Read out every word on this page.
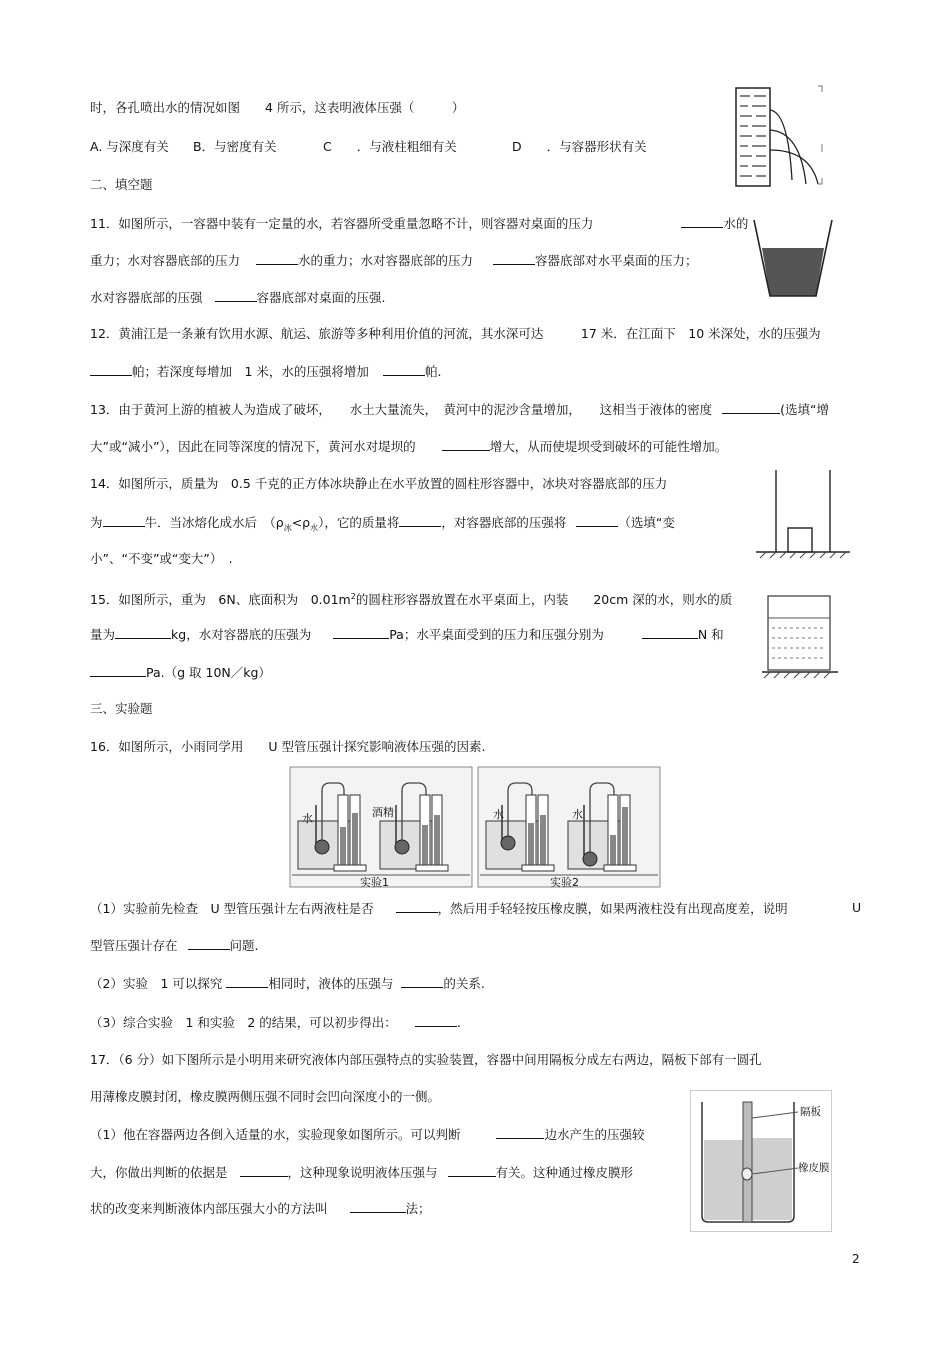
时，各孔喷出水的情况如图　　4 所示，这表明液体压强（　　　）
A. 与深度有关 B．与密度有关	C　　．与液柱粗细有关	D　　．与容器形状有关
二、填空题
11．如图所示，一容器中装有一定量的水，若容器所受重量忽略不计，则容器对桌面的压力	水的
重力；水对容器底部的压力	水的重力；水对容器底部的压力	容器底部对水平桌面的压力；
水对容器底部的压强	容器底部对桌面的压强.
12．黄浦江是一条兼有饮用水源、航运、旅游等多种利用价值的河流，其水深可达　　　17 米．在江面下　10 米深处，水的压强为
帕；若深度每增加　1 米，水的压强将增加	帕.
13．由于黄河上游的植被人为造成了破坏，　　水土大量流失，　黄河中的泥沙含量增加，　　这相当于液体的密度	(选填“增
大”或“减小”），因此在同等深度的情况下，黄河水对堤坝的	增大，从而使堤坝受到破坏的可能性增加。
14．如图所示，质量为　0.5 千克的正方体冰块静止在水平放置的圆柱形容器中，冰块对容器底部的压力
为	牛．当冰熔化成水后　$(\rho_冰<\rho_水)$，它的质量将	，对容器底部的压强将	（选填“变
小”、“不变”或“变大”）　.
15．如图所示，重为　6N、底面积为　$0.01m^2$的圆柱形容器放置在水平桌面上，内装　　20cm 深的水，则水的质
量为	kg，水对容器底的压强为	Pa；水平桌面受到的压力和压强分别为	N 和
Pa.（g 取 10N／kg）
三、实验题
16．如图所示，小雨同学用　　U 型管压强计探究影响液体压强的因素.
水	酒精	水	水
实验1	实验2
（1）实验前先检查　U 型管压强计左右两液柱是否	，然后用手轻轻按压橡皮膜，如果两液柱没有出现高度差，说明	U
型管压强计存在	问题.
（2）实验　1 可以探究	相同时，液体的压强与	的关系.
（3）综合实验　1 和实验　2 的结果，可以初步得出：	.
17．（6 分）如下图所示是小明用来研究液体内部压强特点的实验装置，容器中间用隔板分成左右两边，隔板下部有一圆孔
用薄橡皮膜封闭，橡皮膜两侧压强不同时会凹向深度小的一侧。
（1）他在容器两边各倒入适量的水，实验现象如图所示。可以判断	边水产生的压强较
大，你做出判断的依据是	，这种现象说明液体压强与	有关。这种通过橡皮膜形
状的改变来判断液体内部压强大小的方法叫	法；
隔板
橡皮膜
2
